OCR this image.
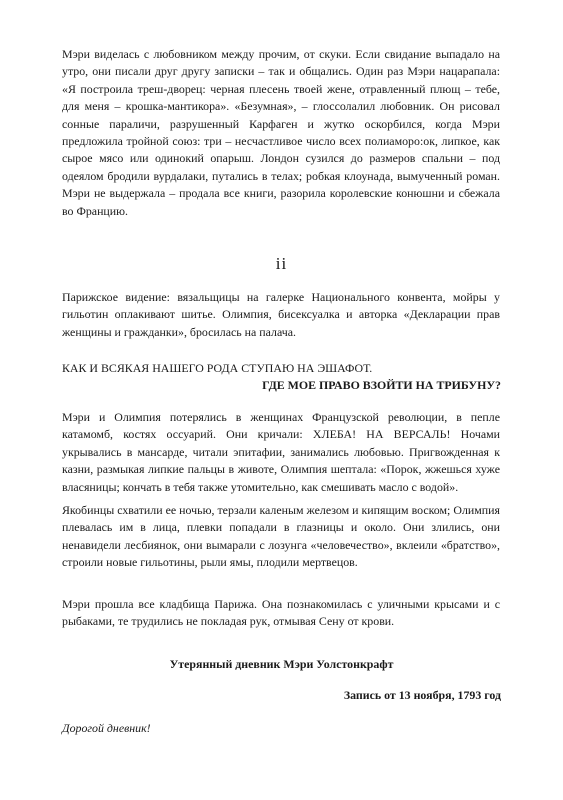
Мэри виделась с любовником между прочим, от скуки. Если свидание выпадало на утро, они писали друг другу записки – так и общались. Один раз Мэри нацарапала: «Я построила треш-дворец: черная плесень твоей жене, отравленный плющ – тебе, для меня – крошка-мантикора». «Безумная», – глоссолалил любовник. Он рисовал сонные параличи, разрушенный Карфаген и жутко оскорбился, когда Мэри предложила тройной союз: три – несчастливое число всех полиаморо:ок, липкое, как сырое мясо или одинокий опарыш. Лондон сузился до размеров спальни – под одеялом бродили вурдалаки, путались в телах; робкая клоунада, вымученный роман. Мэри не выдержала – продала все книги, разорила королевские конюшни и сбежала во Францию.

ii

Парижское видение: вязальщицы на галерке Национального конвента, мойры у гильотин оплакивают шитье. Олимпия, бисексуалка и авторка «Декларации прав женщины и гражданки», бросилась на палача.

КАК И ВСЯКАЯ НАШЕГО РОДА СТУПАЮ НА ЭШАФОТ.
ГДЕ МОЕ ПРАВО ВЗОЙТИ НА ТРИБУНУ?

Мэри и Олимпия потерялись в женщинах Французской революции, в пепле катамомб, костях оссуарий. Они кричали: ХЛЕБА! НА ВЕРСАЛЬ! Ночами укрывались в мансарде, читали эпитафии, занимались любовью. Пригвожденная к казни, размыкая липкие пальцы в животе, Олимпия шептала: «Порок, жжешься хуже власяницы; кончать в тебя также утомительно, как смешивать масло с водой».

Якобинцы схватили ее ночью, терзали каленым железом и кипящим воском; Олимпия плевалась им в лица, плевки попадали в глазницы и около. Они злились, они ненавидели лесбиянок, они вымарали с лозунга «человечество», вклеили «братство», строили новые гильотины, рыли ямы, плодили мертвецов.

Мэри прошла все кладбища Парижа. Она познакомилась с уличными крысами и с рыбаками, те трудились не покладая рук, отмывая Сену от крови.

Утерянный дневник Мэри Уолстонкрафт
Запись от 13 ноября, 1793 год
Дорогой дневник!
